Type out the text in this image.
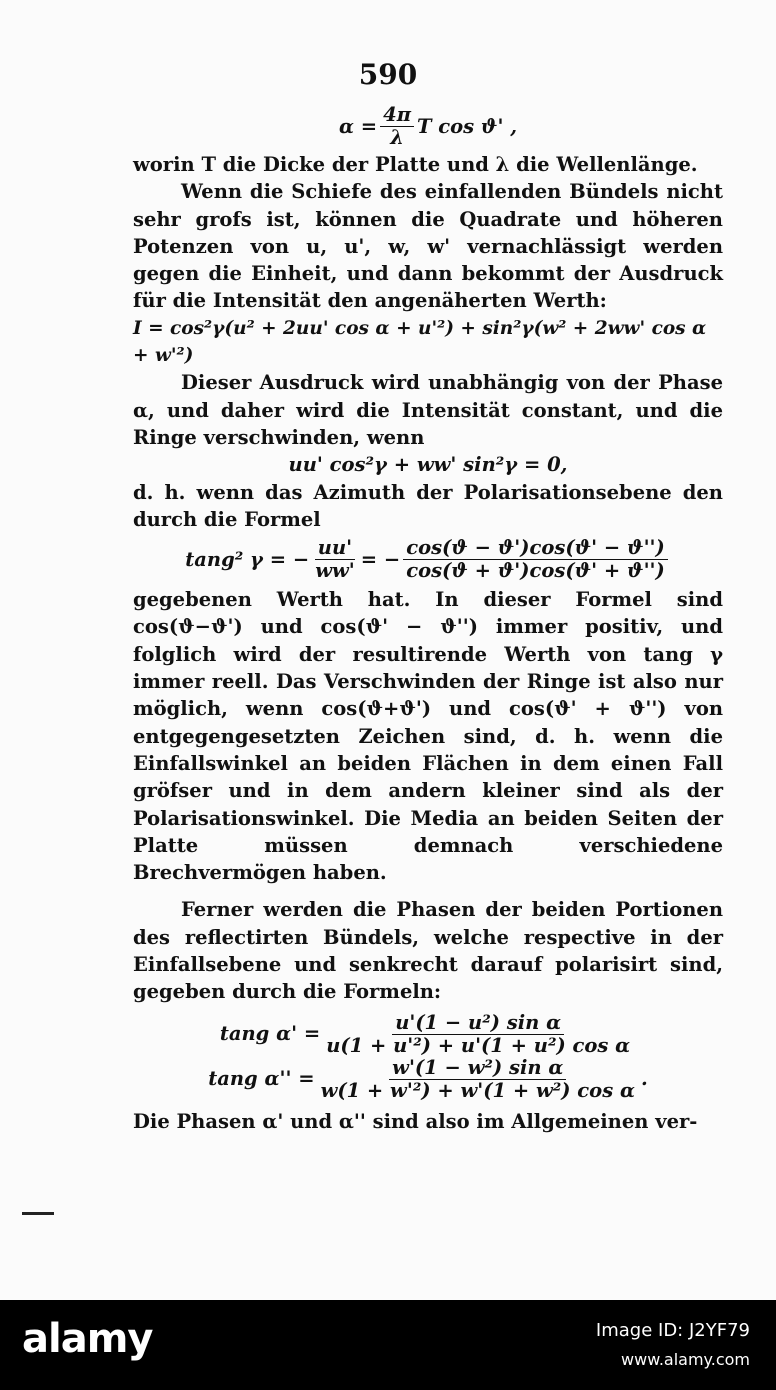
590
$\alpha = \frac{4\pi}{\lambda}$ T cos ϑ' ,

worin T die Dicke der Platte und λ die Wellenlänge.

Wenn die Schiefe des einfallenden Bündels nicht sehr grofs ist, können die Quadrate und höheren Potenzen von u, u', w, w' vernachlässigt werden gegen die Einheit, und dann bekommt der Ausdruck für die Intensität den angenäherten Werth:

I = cos²γ(u² + 2uu' cos α + u'²) + sin²γ(w² + 2ww' cos α + w'²)

Dieser Ausdruck wird unabhängig von der Phase α, und daher wird die Intensität constant, und die Ringe verschwinden, wenn

uu' cos²γ + ww' sin²γ = 0,

d. h. wenn das Azimuth der Polarisationsebene den durch die Formel

tang² γ = − $\frac{uu'}{ww'}$ = − $\frac{\cos(ϑ - ϑ')\cos(ϑ' - ϑ'')}{\cos(ϑ + ϑ')\cos(ϑ' + ϑ'')}$

gegebenen Werth hat. In dieser Formel sind cos(ϑ−ϑ') und cos(ϑ' − ϑ'') immer positiv, und folglich wird der resultirende Werth von tang γ immer reell. Das Verschwinden der Ringe ist also nur möglich, wenn cos(ϑ+ϑ') und cos(ϑ' + ϑ'') von entgegengesetzten Zeichen sind, d. h. wenn die Einfallswinkel an beiden Flächen in dem einen Fall gröfser und in dem andern kleiner sind als der Polarisationswinkel. Die Media an beiden Seiten der Platte müssen demnach verschiedene Brechvermögen haben.

Ferner werden die Phasen der beiden Portionen des reflectirten Bündels, welche respective in der Einfallsebene und senkrecht darauf polarisirt sind, gegeben durch die Formeln:

tang $\alpha' = \frac{\text{u'(1 − u²) sin α}}{\text{u(1 + u'²) + u'(1 + u²) cos α}}$
tang $\alpha'' = \frac{\text{w'(1 − w²) sin α}}{\text{w(1 + w'²) + w'(1 + w²) cos α}}$ .

Die Phasen α' und α'' sind also im Allgemeinen ver-

alamy	Image ID: J2YF79
www.alamy.com
